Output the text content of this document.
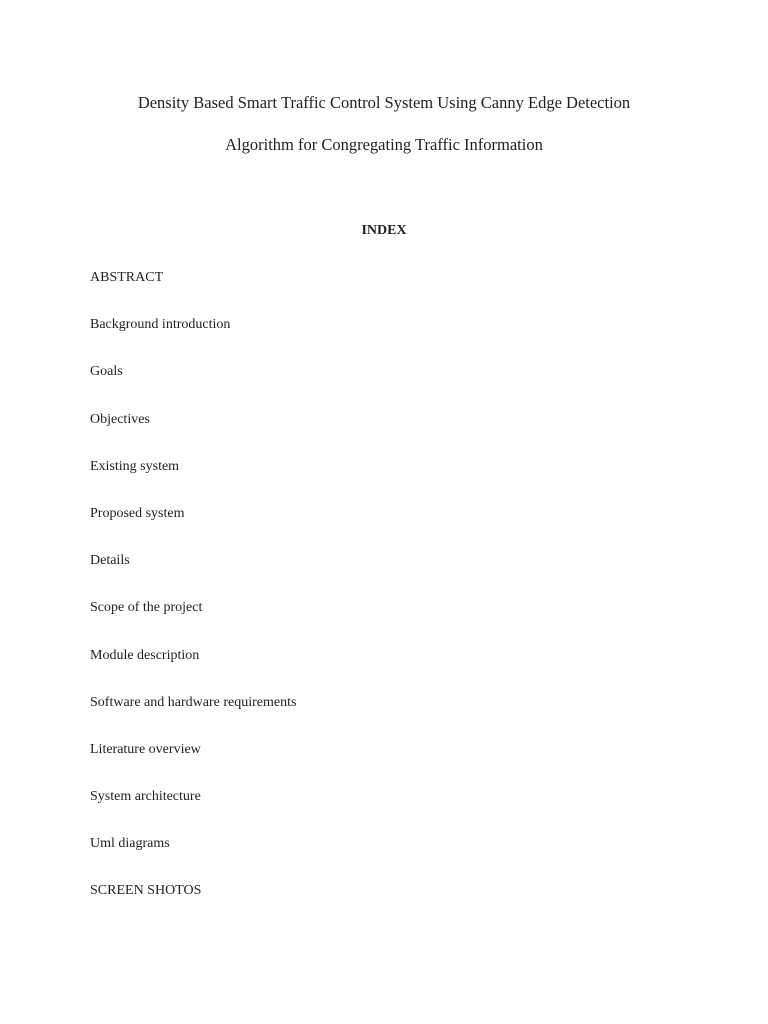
Density Based Smart Traffic Control System Using Canny Edge Detection
Algorithm for Congregating Traffic Information
INDEX
ABSTRACT
Background introduction
Goals
Objectives
Existing system
Proposed system
Details
Scope of the project
Module description
Software and hardware requirements
Literature overview
System architecture
Uml diagrams
SCREEN SHOTOS
